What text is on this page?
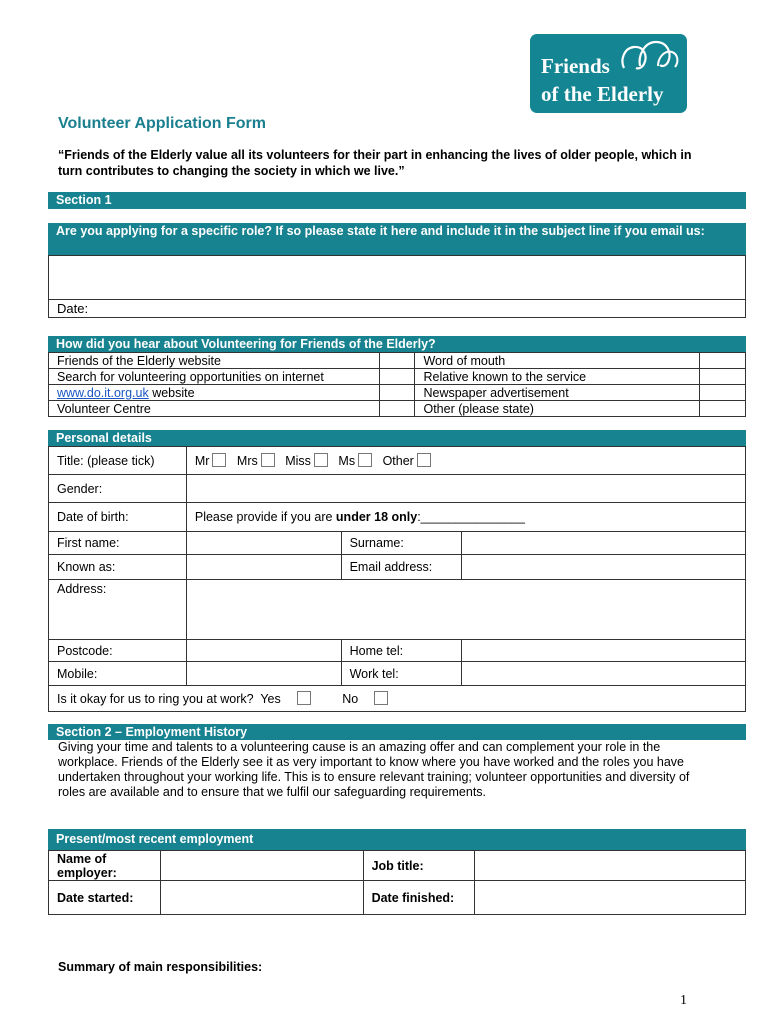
Friends
of the Elderly
Volunteer Application Form
“Friends of the Elderly value all its volunteers for their part in enhancing the lives of older people, which in turn contributes to changing the society in which we live.”
Section 1
Are you applying for a specific role? If so please state it here and include it in the subject line if you email us:
Date:
How did you hear about Volunteering for Friends of the Elderly?
Friends of the Elderly website		Word of mouth	
Search for volunteering opportunities on internet		Relative known to the service	
www.do.it.org.uk website		Newspaper advertisement	
Volunteer Centre		Other (please state)	
Personal details
Title: (please tick)	Mr Mrs Miss Ms Other		
Gender:			
Date of birth:	Please provide if you are under 18 only:_______________		
First name:		Surname:	
Known as:		Email address:	
Address:			
Postcode:		Home tel:	
Mobile:		Work tel:	
Is it okay for us to ring you at work? Yes No			
Section 2 – Employment History
Giving your time and talents to a volunteering cause is an amazing offer and can complement your role in the workplace. Friends of the Elderly see it as very important to know where you have worked and the roles you have undertaken throughout your working life. This is to ensure relevant training; volunteer opportunities and diversity of roles are available and to ensure that we fulfil our safeguarding requirements.
Present/most recent employment
Name of employer:		Job title:	
Date started:		Date finished:	
Summary of main responsibilities:
1
